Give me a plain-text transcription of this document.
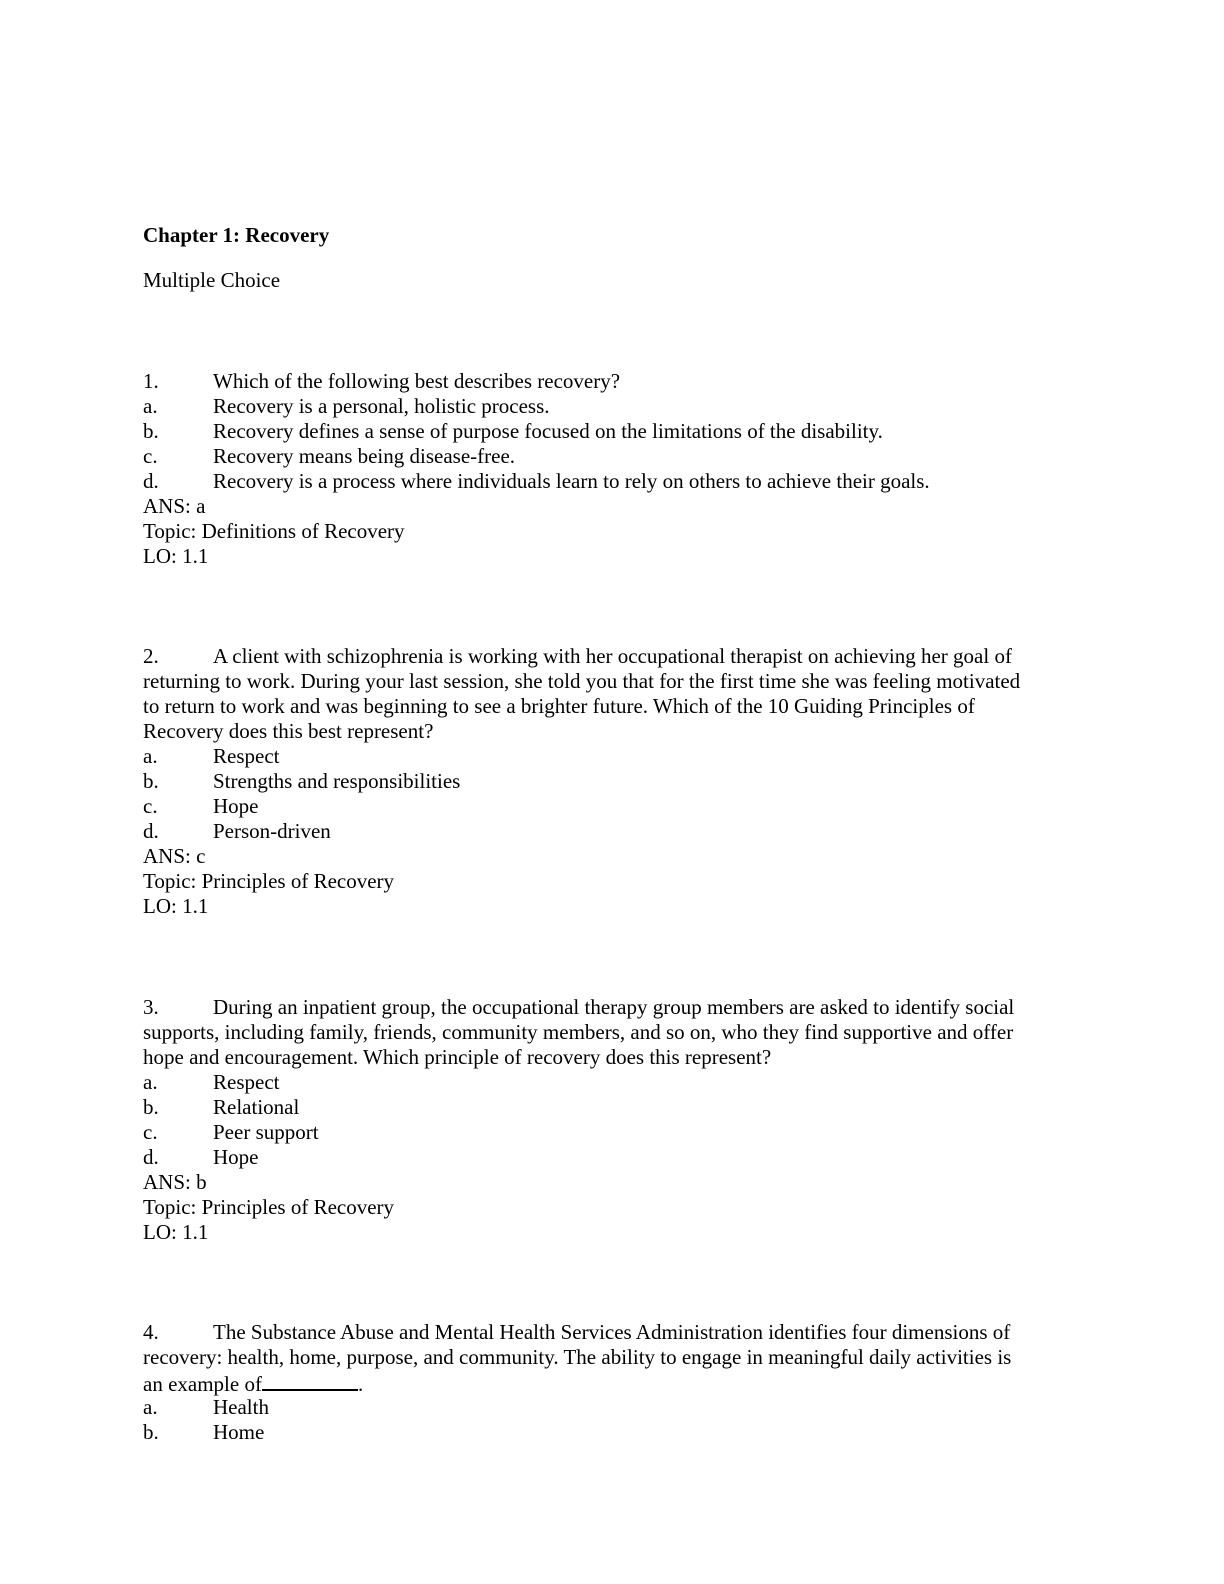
Chapter 1: Recovery
Multiple Choice
1.	Which of the following best describes recovery?
a.	Recovery is a personal, holistic process.
b.	Recovery defines a sense of purpose focused on the limitations of the disability.
c.	Recovery means being disease-free.
d.	Recovery is a process where individuals learn to rely on others to achieve their goals.
ANS: a
Topic: Definitions of Recovery
LO: 1.1
2.	A client with schizophrenia is working with her occupational therapist on achieving her goal of
returning to work. During your last session, she told you that for the first time she was feeling motivated
to return to work and was beginning to see a brighter future. Which of the 10 Guiding Principles of
Recovery does this best represent?
a.	Respect
b.	Strengths and responsibilities
c.	Hope
d.	Person-driven
ANS: c
Topic: Principles of Recovery
LO: 1.1
3.	During an inpatient group, the occupational therapy group members are asked to identify social
supports, including family, friends, community members, and so on, who they find supportive and offer
hope and encouragement. Which principle of recovery does this represent?
a.	Respect
b.	Relational
c.	Peer support
d.	Hope
ANS: b
Topic: Principles of Recovery
LO: 1.1
4.	The Substance Abuse and Mental Health Services Administration identifies four dimensions of
recovery: health, home, purpose, and community. The ability to engage in meaningful daily activities is
an example of	.
a.	Health
b.	Home
